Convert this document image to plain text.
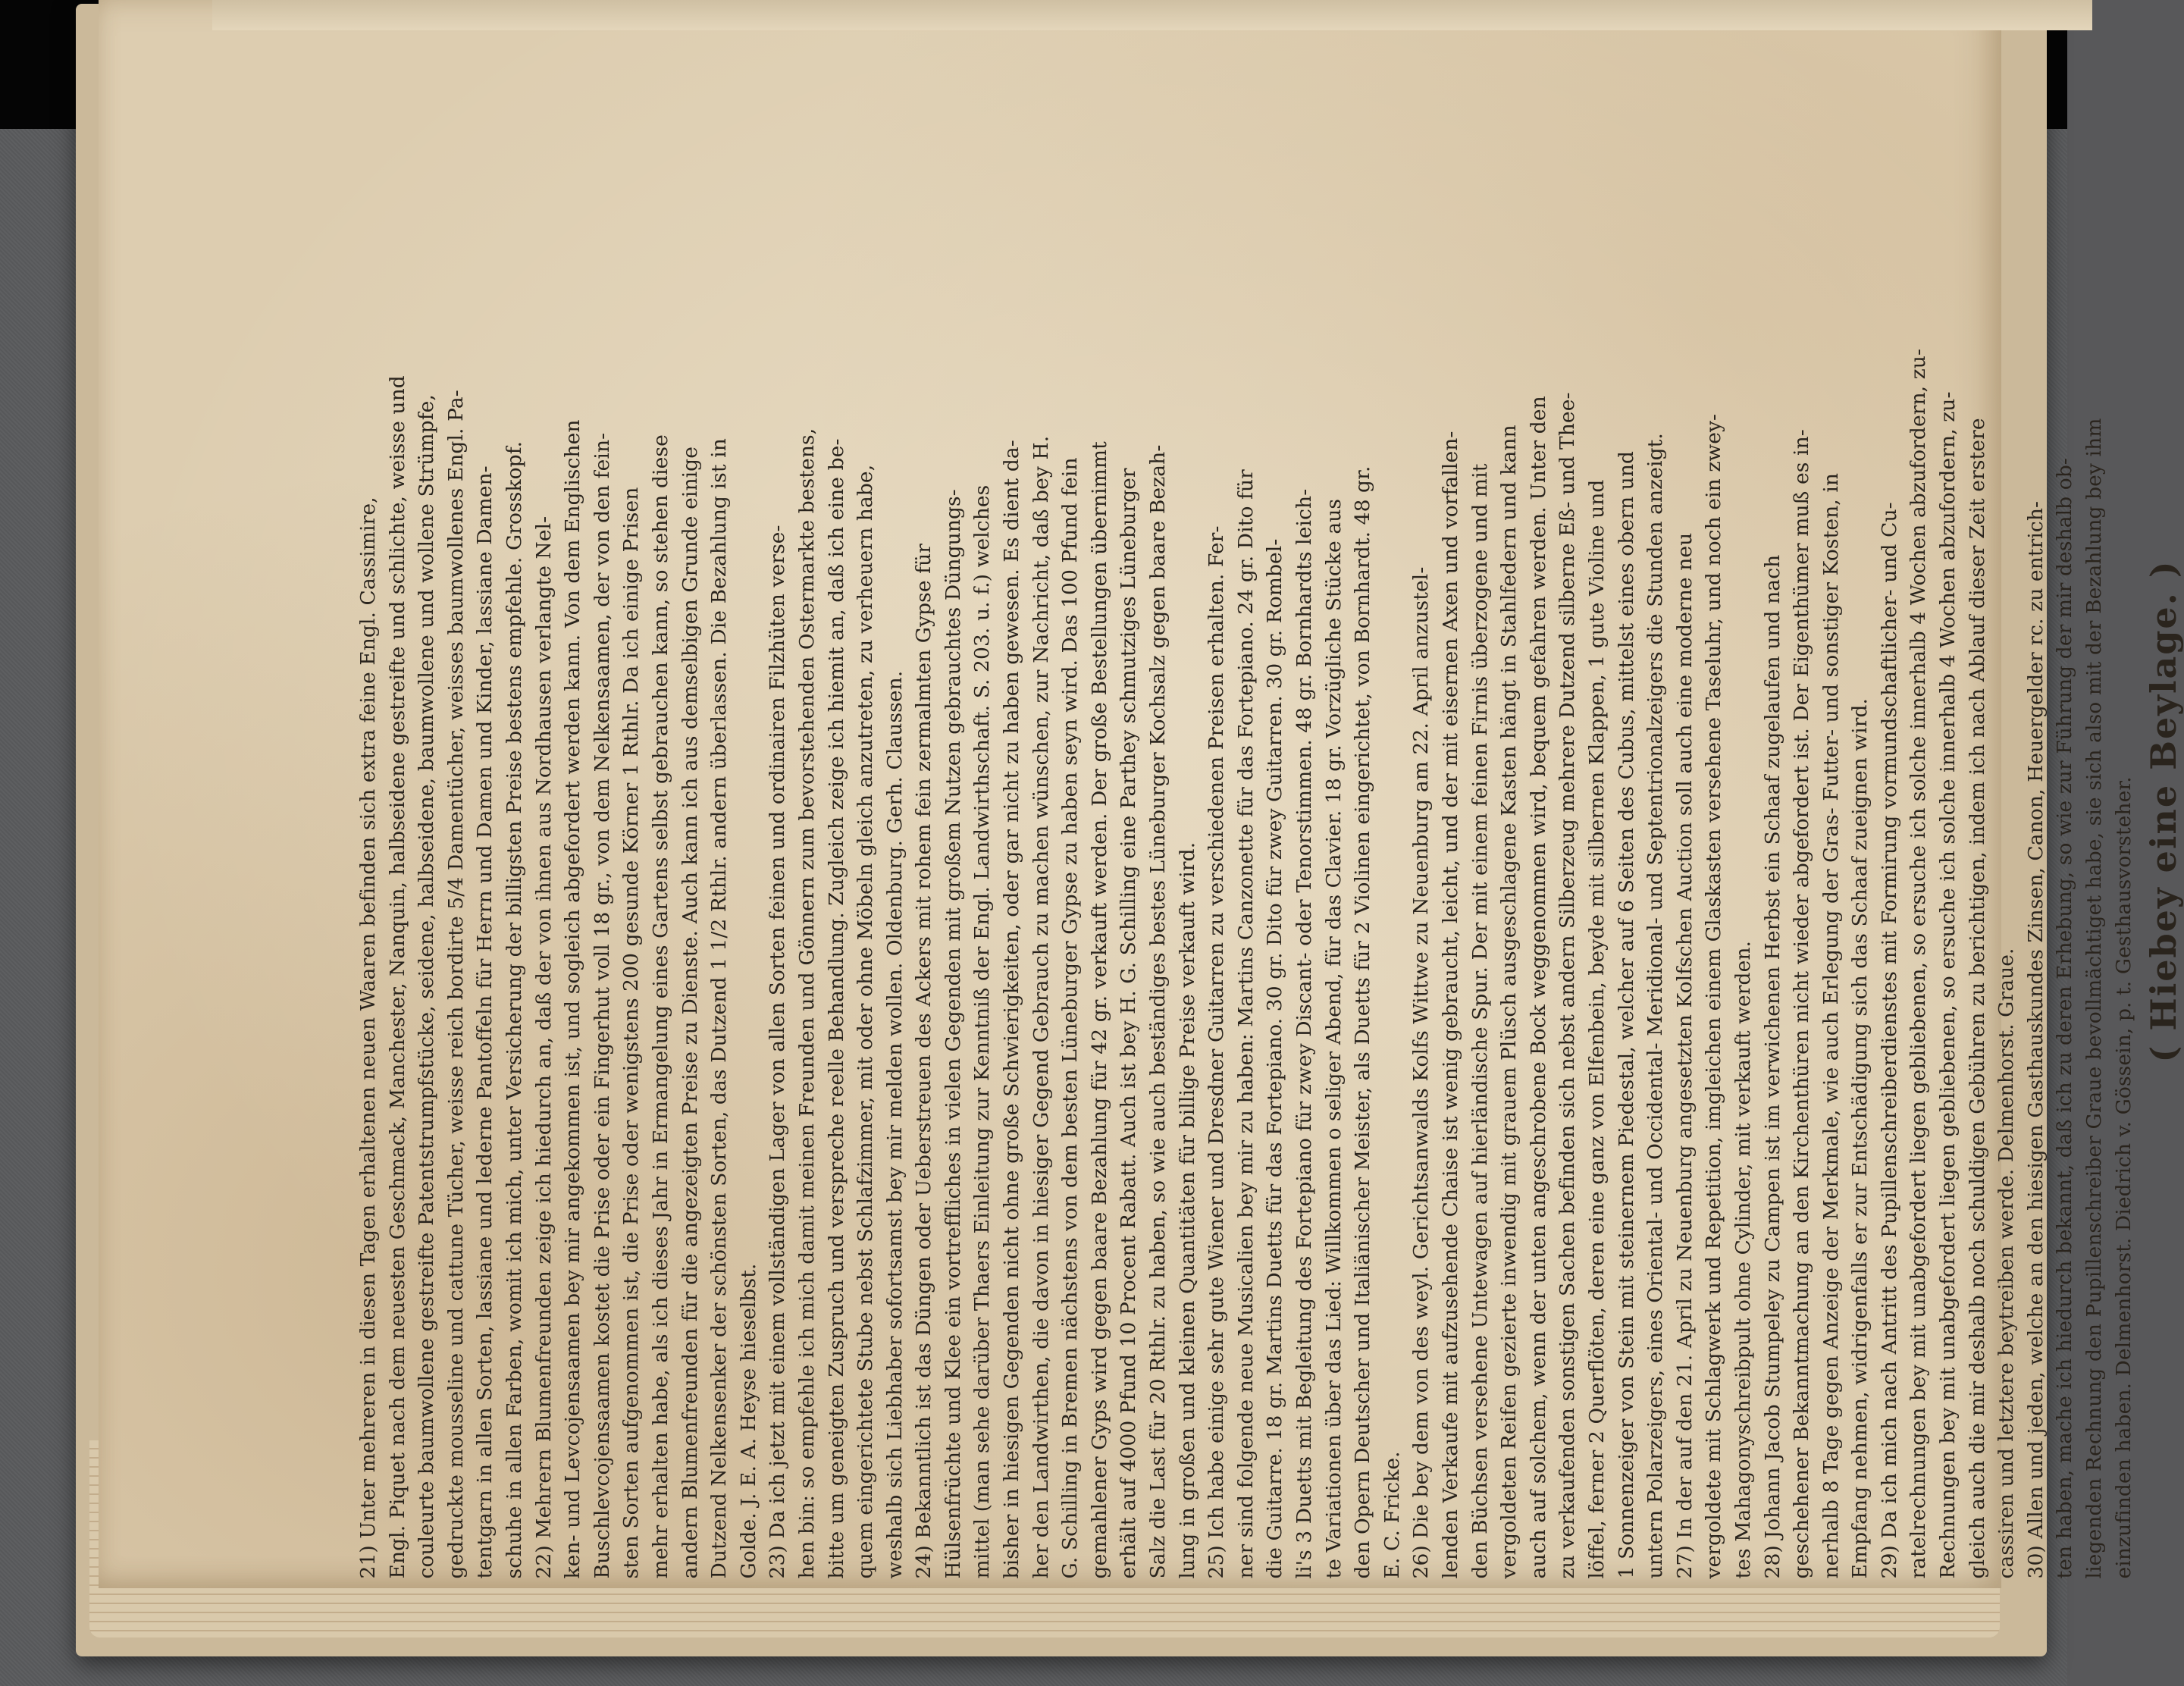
21) Unter mehreren in diesen Tagen erhaltenen neuen Waaren befinden sich extra feine Engl. Cassimire, Engl. Piquet nach dem neuesten Geschmack, Manchester, Nanquin, halbseidene gestreifte und schlichte, weisse und couleurte baumwollene gestreifte Patentstrumpfstücke, seidene, halbseidene, baumwollene und wollene Strümpfe, gedruckte mousseline und cattune Tücher, weisse reich bordirte 5/4 Damentücher, weisses baumwollenes Engl. Pa- tentgarn in allen Sorten, lassiane und lederne Pantoffeln für Herrn und Damen und Kinder, lassiane Damen- schuhe in allen Farben, womit ich mich, unter Versicherung der billigsten Preise bestens empfehle. Grosskopf. 22) Mehrern Blumenfreunden zeige ich hiedurch an, daß der von ihnen aus Nordhausen verlangte Nel- ken- und Levcojensaamen bey mir angekommen ist, und sogleich abgefordert werden kann. Von dem Englischen Buschlevcojensaamen kostet die Prise oder ein Fingerhut voll 18 gr., von dem Nelkensaamen, der von den fein- sten Sorten aufgenommen ist, die Prise oder wenigstens 200 gesunde Körner 1 Rthlr. Da ich einige Prisen mehr erhalten habe, als ich dieses Jahr in Ermangelung eines Gartens selbst gebrauchen kann, so stehen diese andern Blumenfreunden für die angezeigten Preise zu Dienste. Auch kann ich aus demselbigen Grunde einige Dutzend Nelkensenker der schönsten Sorten, das Dutzend 1 1/2 Rthlr. andern überlassen. Die Bezahlung ist in Golde. J. E. A. Heyse hieselbst. 23) Da ich jetzt mit einem vollständigen Lager von allen Sorten feinen und ordinairen Filzhüten verse- hen bin: so empfehle ich mich damit meinen Freunden und Gönnern zum bevorstehenden Ostermarkte bestens, bitte um geneigten Zuspruch und verspreche reelle Behandlung. Zugleich zeige ich hiemit an, daß ich eine be- quem eingerichtete Stube nebst Schlafzimmer, mit oder ohne Möbeln gleich anzutreten, zu verheuern habe, weshalb sich Liebhaber sofortsamst bey mir melden wollen. Oldenburg. Gerh. Claussen. 24) Bekanntlich ist das Düngen oder Ueberstreuen des Ackers mit rohem fein zermalmten Gypse für Hülsenfrüchte und Klee ein vortreffliches in vielen Gegenden mit großem Nutzen gebrauchtes Düngungs- mittel (man sehe darüber Thaers Einleitung zur Kenntniß der Engl. Landwirthschaft. S. 203. u. f.) welches bisher in hiesigen Gegenden nicht ohne große Schwierigkeiten, oder gar nicht zu haben gewesen. Es dient da- her den Landwirthen, die davon in hiesiger Gegend Gebrauch zu machen wünschen, zur Nachricht, daß bey H. G. Schilling in Bremen nächstens von dem besten Lüneburger Gypse zu haben seyn wird. Das 100 Pfund fein gemahlener Gyps wird gegen baare Bezahlung für 42 gr. verkauft werden. Der große Bestellungen übernimmt erhält auf 4000 Pfund 10 Procent Rabatt. Auch ist bey H. G. Schilling eine Parthey schmutziges Lüneburger Salz die Last für 20 Rthlr. zu haben, so wie auch beständiges bestes Lüneburger Kochsalz gegen baare Bezah- lung in großen und kleinen Quantitäten für billige Preise verkauft wird. 25) Ich habe einige sehr gute Wiener und Dresdner Guitarren zu verschiedenen Preisen erhalten. Fer- ner sind folgende neue Musicalien bey mir zu haben: Martins Canzonette für das Fortepiano. 24 gr. Dito für die Guitarre. 18 gr. Martins Duetts für das Fortepiano. 30 gr. Dito für zwey Guitarren. 30 gr. Rombel- li's 3 Duetts mit Begleitung des Fortepiano für zwey Discant- oder Tenorstimmen. 48 gr. Bornhardts leich- te Variationen über das Lied: Willkommen o seliger Abend, für das Clavier. 18 gr. Vorzügliche Stücke aus den Opern Deutscher und Italiänischer Meister, als Duetts für 2 Violinen eingerichtet, von Bornhardt. 48 gr. E. C. Fricke. 26) Die bey dem von des weyl. Gerichtsanwalds Kolfs Wittwe zu Neuenburg am 22. April anzustel- lenden Verkaufe mit aufzusehende Chaise ist wenig gebraucht, leicht, und der mit eisernen Axen und vorfallen- den Büchsen versehene Untewagen auf hierländische Spur. Der mit einem feinen Firnis überzogene und mit vergoldeten Reifen gezierte inwendig mit grauem Plüsch ausgeschlagene Kasten hängt in Stahlfedern und kann auch auf solchem, wenn der unten angeschrobene Bock weggenommen wird, bequem gefahren werden. Unter den zu verkaufenden sonstigen Sachen befinden sich nebst andern Silberzeug mehrere Dutzend silberne Eß- und Thee- löffel, ferner 2 Querflöten, deren eine ganz von Elfenbein, beyde mit silbernen Klappen, 1 gute Violine und 1 Sonnenzeiger von Stein mit steinernem Piedestal, welcher auf 6 Seiten des Cubus, mittelst eines obern und untern Polarzeigers, eines Oriental- und Occidental- Meridional- und Septentrionalzeigers die Stunden anzeigt. 27) In der auf den 21. April zu Neuenburg angesetzten Kolfschen Auction soll auch eine moderne neu vergoldete mit Schlagwerk und Repetition, imgleichen einem Glaskasten versehene Taseluhr, und noch ein zwey- tes Mahagonyschreibpult ohne Cylinder, mit verkauft werden. 28) Johann Jacob Stumpeley zu Campen ist im verwichenen Herbst ein Schaaf zugelaufen und nach geschehener Bekanntmachung an den Kirchenthüren nicht wieder abgefordert ist. Der Eigenthümer muß es in- nerhalb 8 Tage gegen Anzeige der Merkmale, wie auch Erlegung der Gras- Futter- und sonstiger Kosten, in Empfang nehmen, widrigenfalls er zur Entschädigung sich das Schaaf zueignen wird. 29) Da ich mich nach Antritt des Pupillenschreiberdienstes mit Formirung vormundschaftlicher- und Cu- ratelrechnungen bey mit unabgefordert liegen gebliebenen, so ersuche ich solche innerhalb 4 Wochen abzufordern, zu- Rechnungen bey mit unabgefordert liegen gebliebenen, so ersuche ich solche innerhalb 4 Wochen abzufordern, zu- gleich auch die mir deshalb noch schuldigen Gebühren zu berichtigen, indem ich nach Ablauf dieser Zeit erstere cassiren und letztere beytreiben werde. Delmenhorst. Graue. 30) Allen und jeden, welche an den hiesigen Gasthauskundes Zinsen, Canon, Heuergelder rc. zu entrich- ten haben, mache ich hiedurch bekannt, daß ich zu deren Erhebung, so wie zur Führung der mir deshalb ob- liegenden Rechnung den Pupillenschreiber Graue bevollmächtiget habe, sie sich also mit der Bezahlung bey ihm einzufinden haben. Delmenhorst. Diedrich v. Gössein, p. t. Gesthausvorsteher. ( Hiebey eine Beylage. )
